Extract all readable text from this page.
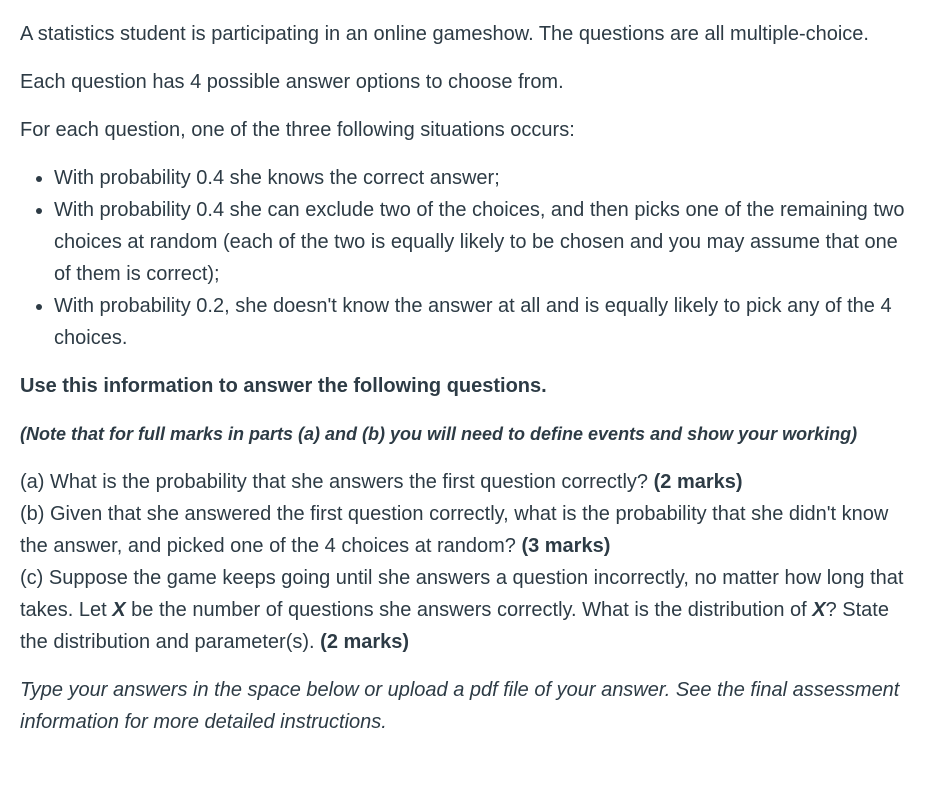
A statistics student is participating in an online gameshow. The questions are all multiple-choice.

Each question has 4 possible answer options to choose from.

For each question, one of the three following situations occurs:

• With probability 0.4 she knows the correct answer;
• With probability 0.4 she can exclude two of the choices, and then picks one of the remaining two choices at random (each of the two is equally likely to be chosen and you may assume that one of them is correct);
• With probability 0.2, she doesn't know the answer at all and is equally likely to pick any of the 4 choices.

Use this information to answer the following questions.

(Note that for full marks in parts (a) and (b) you will need to define events and show your working)

(a) What is the probability that she answers the first question correctly? (2 marks)

(b) Given that she answered the first question correctly, what is the probability that she didn't know the answer, and picked one of the 4 choices at random? (3 marks)

(c) Suppose the game keeps going until she answers a question incorrectly, no matter how long that takes. Let X be the number of questions she answers correctly. What is the distribution of X? State the distribution and parameter(s). (2 marks)

Type your answers in the space below or upload a pdf file of your answer. See the final assessment information for more detailed instructions.
